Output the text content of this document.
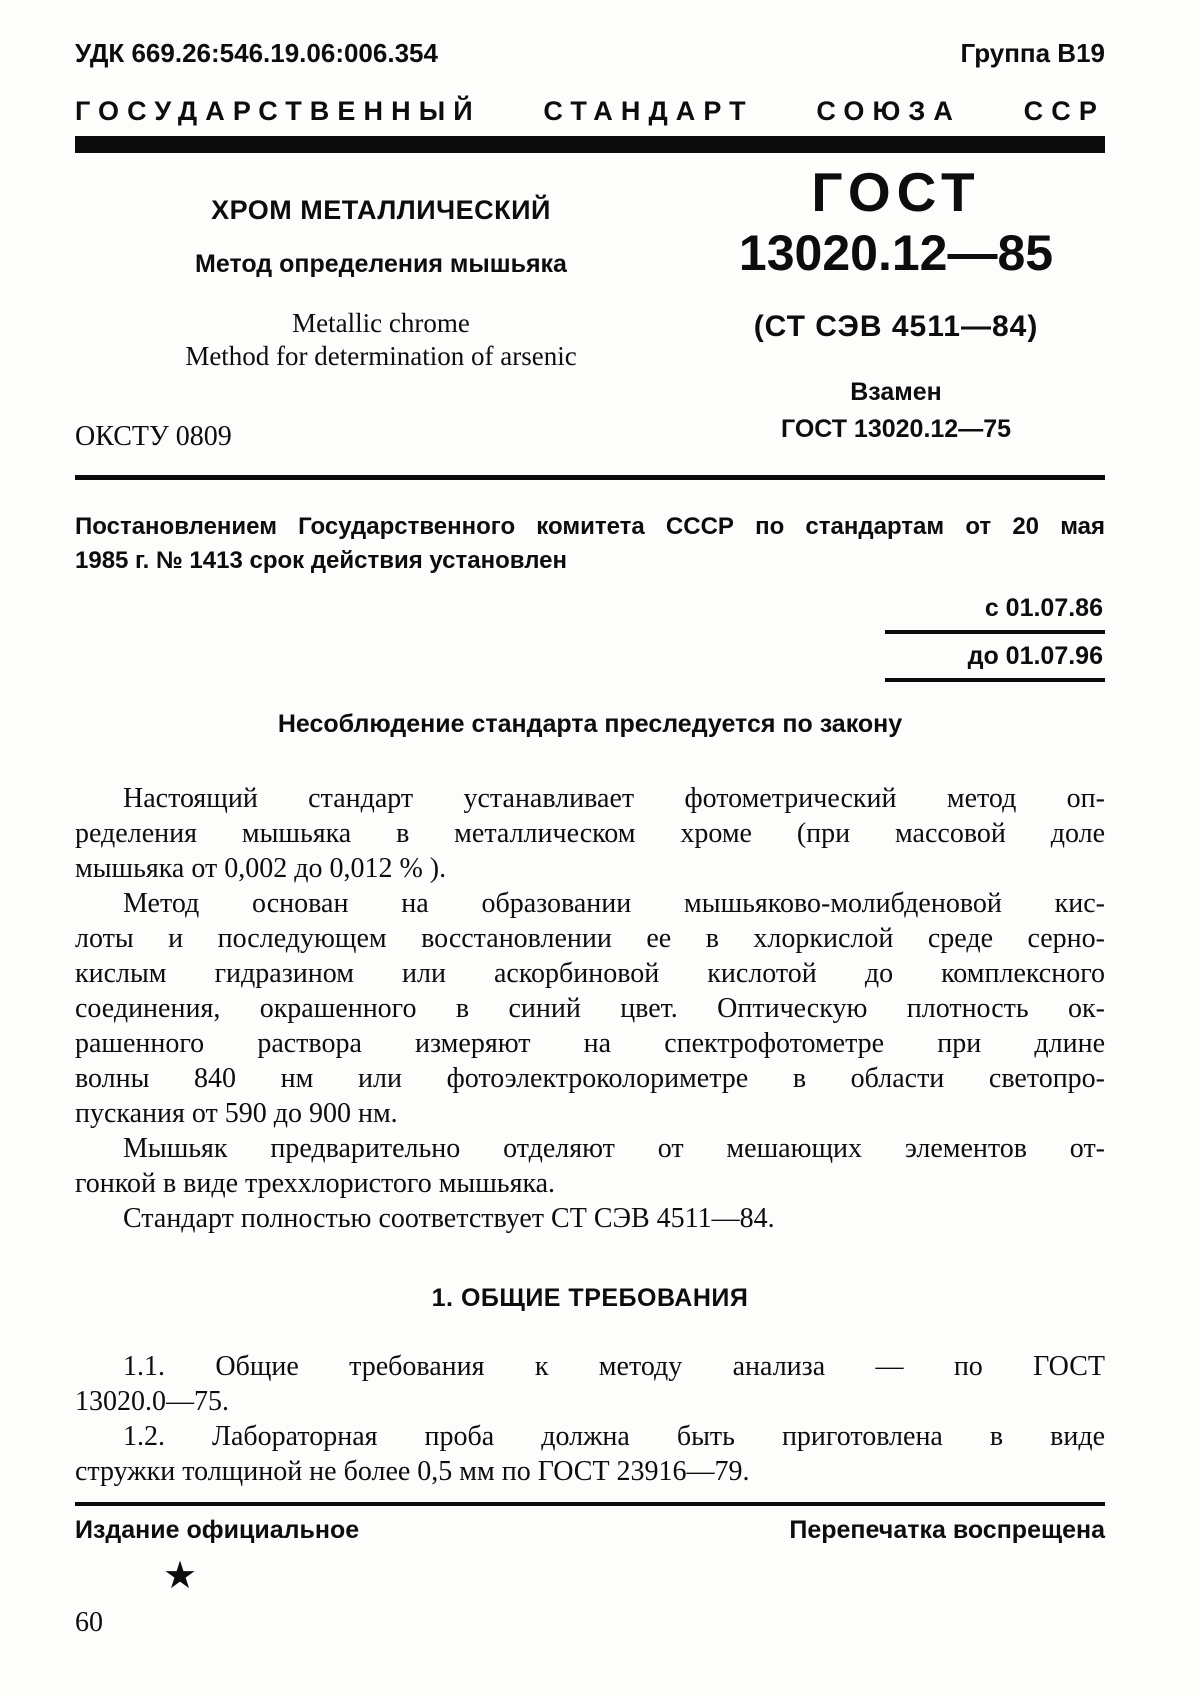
УДК 669.26:546.19.06:006.354	Группа В19
ГОСУДАРСТВЕННЫЙ СТАНДАРТ СОЮЗА ССР
ХРОМ МЕТАЛЛИЧЕСКИЙ
Метод определения мышьяка
Metallic chrome
Method for determination of arsenic
ОКСТУ 0809
ГОСТ
13020.12—85
(СТ СЭВ 4511—84)
Взамен
ГОСТ 13020.12—75
Постановлением Государственного комитета СССР по стандартам от 20 мая
1985 г. № 1413 срок действия установлен
с 01.07.86
до 01.07.96
Несоблюдение стандарта преследуется по закону

Настоящий стандарт устанавливает фотометрический метод оп-
ределения мышьяка в металлическом хроме (при массовой доле
мышьяка от 0,002 до 0,012 % ).

Метод основан на образовании мышьяково-молибденовой кис-
лоты и последующем восстановлении ее в хлоркислой среде серно-
кислым гидразином или аскорбиновой кислотой до комплексного
соединения, окрашенного в синий цвет. Оптическую плотность ок-
рашенного раствора измеряют на спектрофотометре при длине
волны 840 нм или фотоэлектроколориметре в области светопро-
пускания от 590 до 900 нм.

Мышьяк предварительно отделяют от мешающих элементов от-
гонкой в виде треххлористого мышьяка.

Стандарт полностью соответствует СТ СЭВ 4511—84.

1. ОБЩИЕ ТРЕБОВАНИЯ

1.1. Общие требования к методу анализа — по ГОСТ
13020.0—75.

1.2. Лабораторная проба должна быть приготовлена в виде
стружки толщиной не более 0,5 мм по ГОСТ 23916—79.

Издание официальное	Перепечатка воспрещена
★
60
